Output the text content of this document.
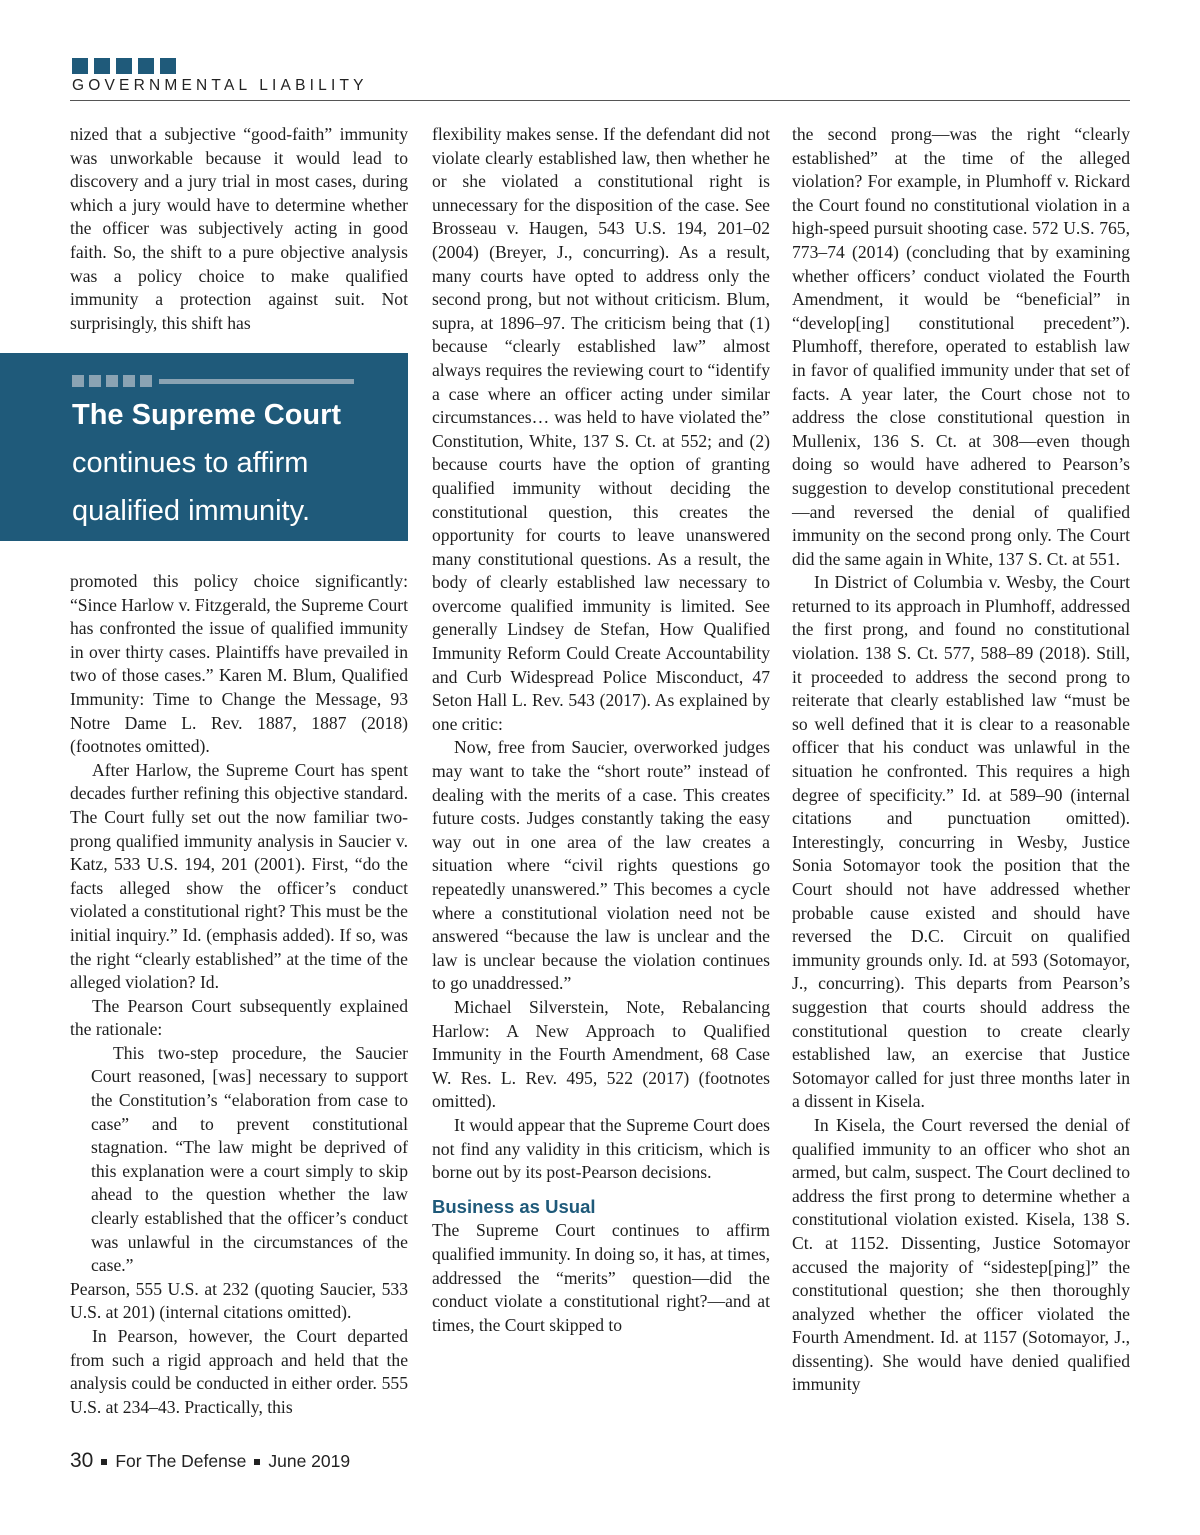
GOVERNMENTAL LIABILITY

nized that a subjective “good-faith” immunity was unworkable because it would lead to discovery and a jury trial in most cases, during which a jury would have to determine whether the officer was subjectively acting in good faith. So, the shift to a pure objective analysis was a policy choice to make qualified immunity a protection against suit. Not surprisingly, this shift has

The Supreme Court
continues to affirm
qualified immunity.

promoted this policy choice significantly: “Since Harlow v. Fitzgerald, the Supreme Court has confronted the issue of qualified immunity in over thirty cases. Plaintiffs have prevailed in two of those cases.” Karen M. Blum, Qualified Immunity: Time to Change the Message, 93 Notre Dame L. Rev. 1887, 1887 (2018) (footnotes omitted).

After Harlow, the Supreme Court has spent decades further refining this objective standard. The Court fully set out the now familiar two-prong qualified immunity analysis in Saucier v. Katz, 533 U.S. 194, 201 (2001). First, “do the facts alleged show the officer’s conduct violated a constitutional right? This must be the initial inquiry.” Id. (emphasis added). If so, was the right “clearly established” at the time of the alleged violation? Id.

The Pearson Court subsequently explained the rationale:

This two-step procedure, the Saucier Court reasoned, [was] necessary to support the Constitution’s “elaboration from case to case” and to prevent constitutional stagnation. “The law might be deprived of this explanation were a court simply to skip ahead to the question whether the law clearly established that the officer’s conduct was unlawful in the circumstances of the case.”

Pearson, 555 U.S. at 232 (quoting Saucier, 533 U.S. at 201) (internal citations omitted).

In Pearson, however, the Court departed from such a rigid approach and held that the analysis could be conducted in either order. 555 U.S. at 234–43. Practically, this

flexibility makes sense. If the defendant did not violate clearly established law, then whether he or she violated a constitutional right is unnecessary for the disposition of the case. See Brosseau v. Haugen, 543 U.S. 194, 201–02 (2004) (Breyer, J., concurring). As a result, many courts have opted to address only the second prong, but not without criticism. Blum, supra, at 1896–97. The criticism being that (1) because “clearly established law” almost always requires the reviewing court to “identify a case where an officer acting under similar circumstances… was held to have violated the” Constitution, White, 137 S. Ct. at 552; and (2) because courts have the option of granting qualified immunity without deciding the constitutional question, this creates the opportunity for courts to leave unanswered many constitutional questions. As a result, the body of clearly established law necessary to overcome qualified immunity is limited. See generally Lindsey de Stefan, How Qualified Immunity Reform Could Create Accountability and Curb Widespread Police Misconduct, 47 Seton Hall L. Rev. 543 (2017). As explained by one critic:

Now, free from Saucier, overworked judges may want to take the “short route” instead of dealing with the merits of a case. This creates future costs. Judges constantly taking the easy way out in one area of the law creates a situation where “civil rights questions go repeatedly unanswered.” This becomes a cycle where a constitutional violation need not be answered “because the law is unclear and the law is unclear because the violation continues to go unaddressed.”

Michael Silverstein, Note, Rebalancing Harlow: A New Approach to Qualified Immunity in the Fourth Amendment, 68 Case W. Res. L. Rev. 495, 522 (2017) (footnotes omitted).

It would appear that the Supreme Court does not find any validity in this criticism, which is borne out by its post-Pearson decisions.

Business as Usual

The Supreme Court continues to affirm qualified immunity. In doing so, it has, at times, addressed the “merits” question—did the conduct violate a constitutional right?—and at times, the Court skipped to

the second prong—was the right “clearly established” at the time of the alleged violation? For example, in Plumhoff v. Rickard the Court found no constitutional violation in a high-speed pursuit shooting case. 572 U.S. 765, 773–74 (2014) (concluding that by examining whether officers’ conduct violated the Fourth Amendment, it would be “beneficial” in “develop[ing] constitutional precedent”). Plumhoff, therefore, operated to establish law in favor of qualified immunity under that set of facts. A year later, the Court chose not to address the close constitutional question in Mullenix, 136 S. Ct. at 308—even though doing so would have adhered to Pearson’s suggestion to develop constitutional precedent—and reversed the denial of qualified immunity on the second prong only. The Court did the same again in White, 137 S. Ct. at 551.

In District of Columbia v. Wesby, the Court returned to its approach in Plumhoff, addressed the first prong, and found no constitutional violation. 138 S. Ct. 577, 588–89 (2018). Still, it proceeded to address the second prong to reiterate that clearly established law “must be so well defined that it is clear to a reasonable officer that his conduct was unlawful in the situation he confronted. This requires a high degree of specificity.” Id. at 589–90 (internal citations and punctuation omitted). Interestingly, concurring in Wesby, Justice Sonia Sotomayor took the position that the Court should not have addressed whether probable cause existed and should have reversed the D.C. Circuit on qualified immunity grounds only. Id. at 593 (Sotomayor, J., concurring). This departs from Pearson’s suggestion that courts should address the constitutional question to create clearly established law, an exercise that Justice Sotomayor called for just three months later in a dissent in Kisela.

In Kisela, the Court reversed the denial of qualified immunity to an officer who shot an armed, but calm, suspect. The Court declined to address the first prong to determine whether a constitutional violation existed. Kisela, 138 S. Ct. at 1152. Dissenting, Justice Sotomayor accused the majority of “sidestep[ping]” the constitutional question; she then thoroughly analyzed whether the officer violated the Fourth Amendment. Id. at 1157 (Sotomayor, J., dissenting). She would have denied qualified immunity

30 For The Defense June 2019
